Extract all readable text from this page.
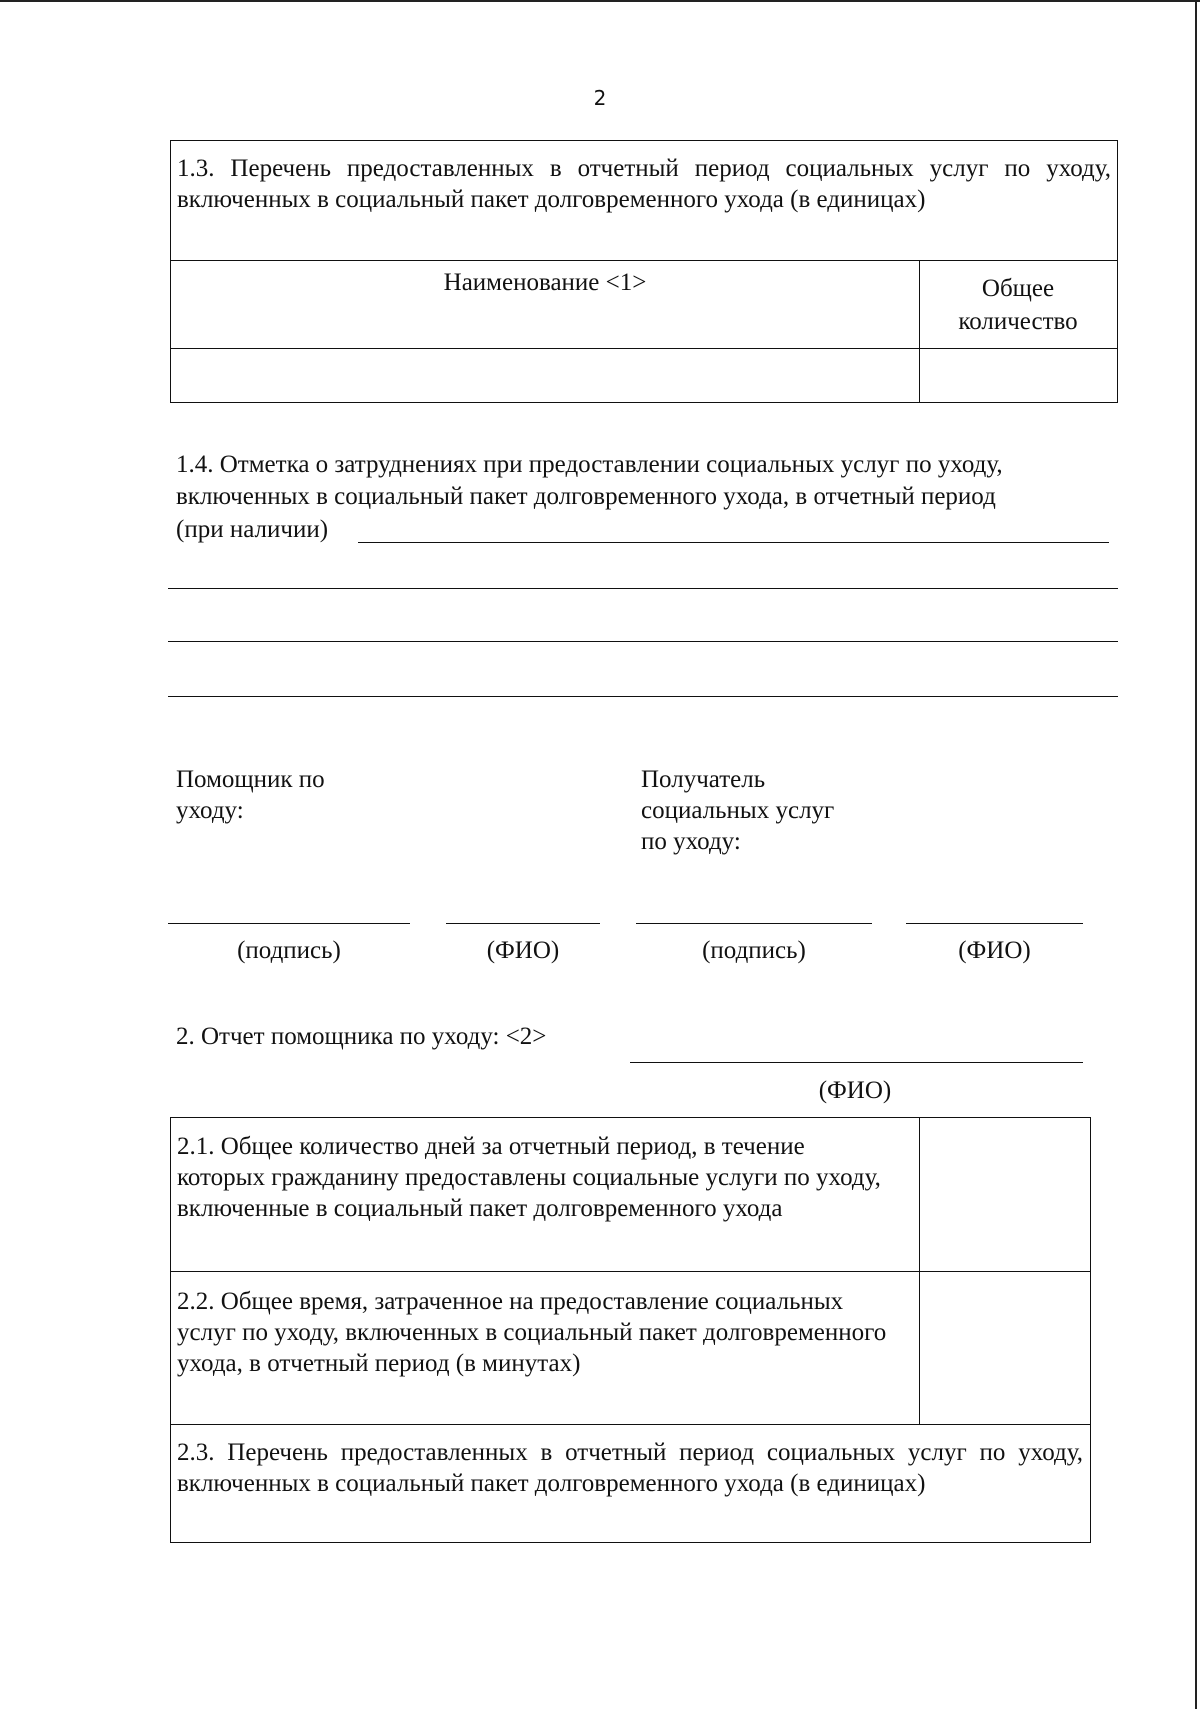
2
1.3. Перечень предоставленных в отчетный период социальных услуг по уходу, включенных в социальный пакет долговременного ухода (в единицах)
Наименование <1>	Общее
количество
1.4. Отметка о затруднениях при предоставлении социальных услуг по уходу,
включенных в социальный пакет долговременного ухода, в отчетный период
(при наличии)
Помощник по
уходу:
Получатель
социальных услуг
по уходу:
(подпись)	(ФИО)	(подпись)	(ФИО)
2. Отчет помощника по уходу: <2>
(ФИО)
2.1. Общее количество дней за отчетный период, в течение которых гражданину предоставлены социальные услуги по уходу, включенные в социальный пакет долговременного ухода
2.2. Общее время, затраченное на предоставление социальных услуг по уходу, включенных в социальный пакет долговременного ухода, в отчетный период (в минутах)
2.3. Перечень предоставленных в отчетный период социальных услуг по уходу, включенных в социальный пакет долговременного ухода (в единицах)
